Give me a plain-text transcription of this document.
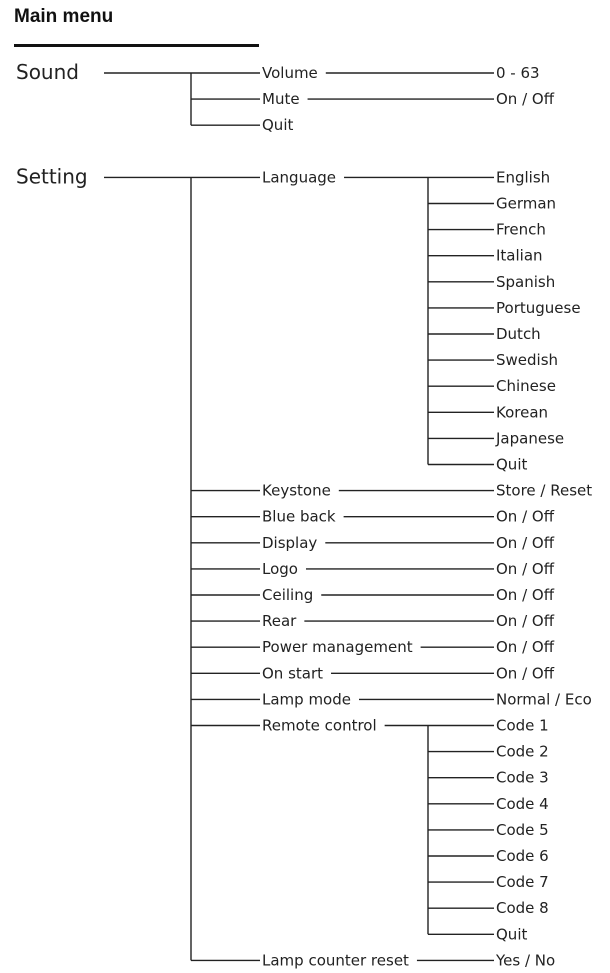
Main menu
Sound	Volume	0 - 63
Mute	On / Off
Quit
Setting	Language	English
German
French
Italian
Spanish
Portuguese
Dutch
Swedish
Chinese
Korean
Japanese
Quit
Keystone	Store / Reset
Blue back	On / Off
Display	On / Off
Logo	On / Off
Ceiling	On / Off
Rear	On / Off
Power management	On / Off
On start	On / Off
Lamp mode	Normal / Eco
Remote control	Code 1
Code 2
Code 3
Code 4
Code 5
Code 6
Code 7
Code 8
Quit
Lamp counter reset	Yes / No
